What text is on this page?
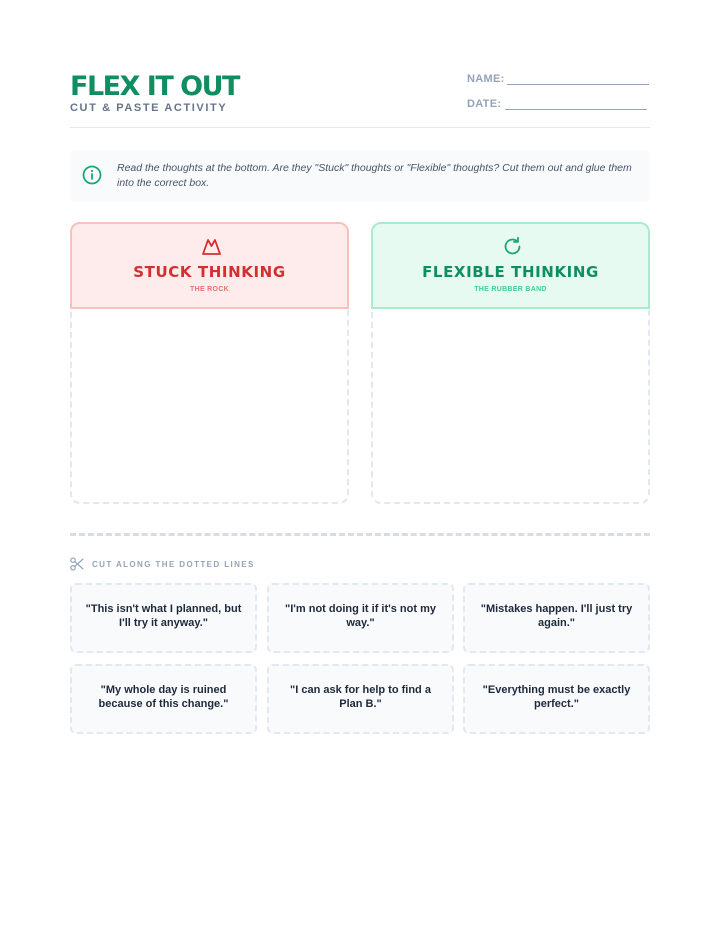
FLEX IT OUT
CUT & PASTE ACTIVITY
NAME:
DATE:
Read the thoughts at the bottom. Are they "Stuck" thoughts or "Flexible" thoughts? Cut them out and glue them into the correct box.
STUCK THINKING
THE ROCK
FLEXIBLE THINKING
THE RUBBER BAND
CUT ALONG THE DOTTED LINES
"This isn't what I planned, but I'll try it anyway."
"I'm not doing it if it's not my way."
"Mistakes happen. I'll just try again."
"My whole day is ruined because of this change."
"I can ask for help to find a Plan B."
"Everything must be exactly perfect."
